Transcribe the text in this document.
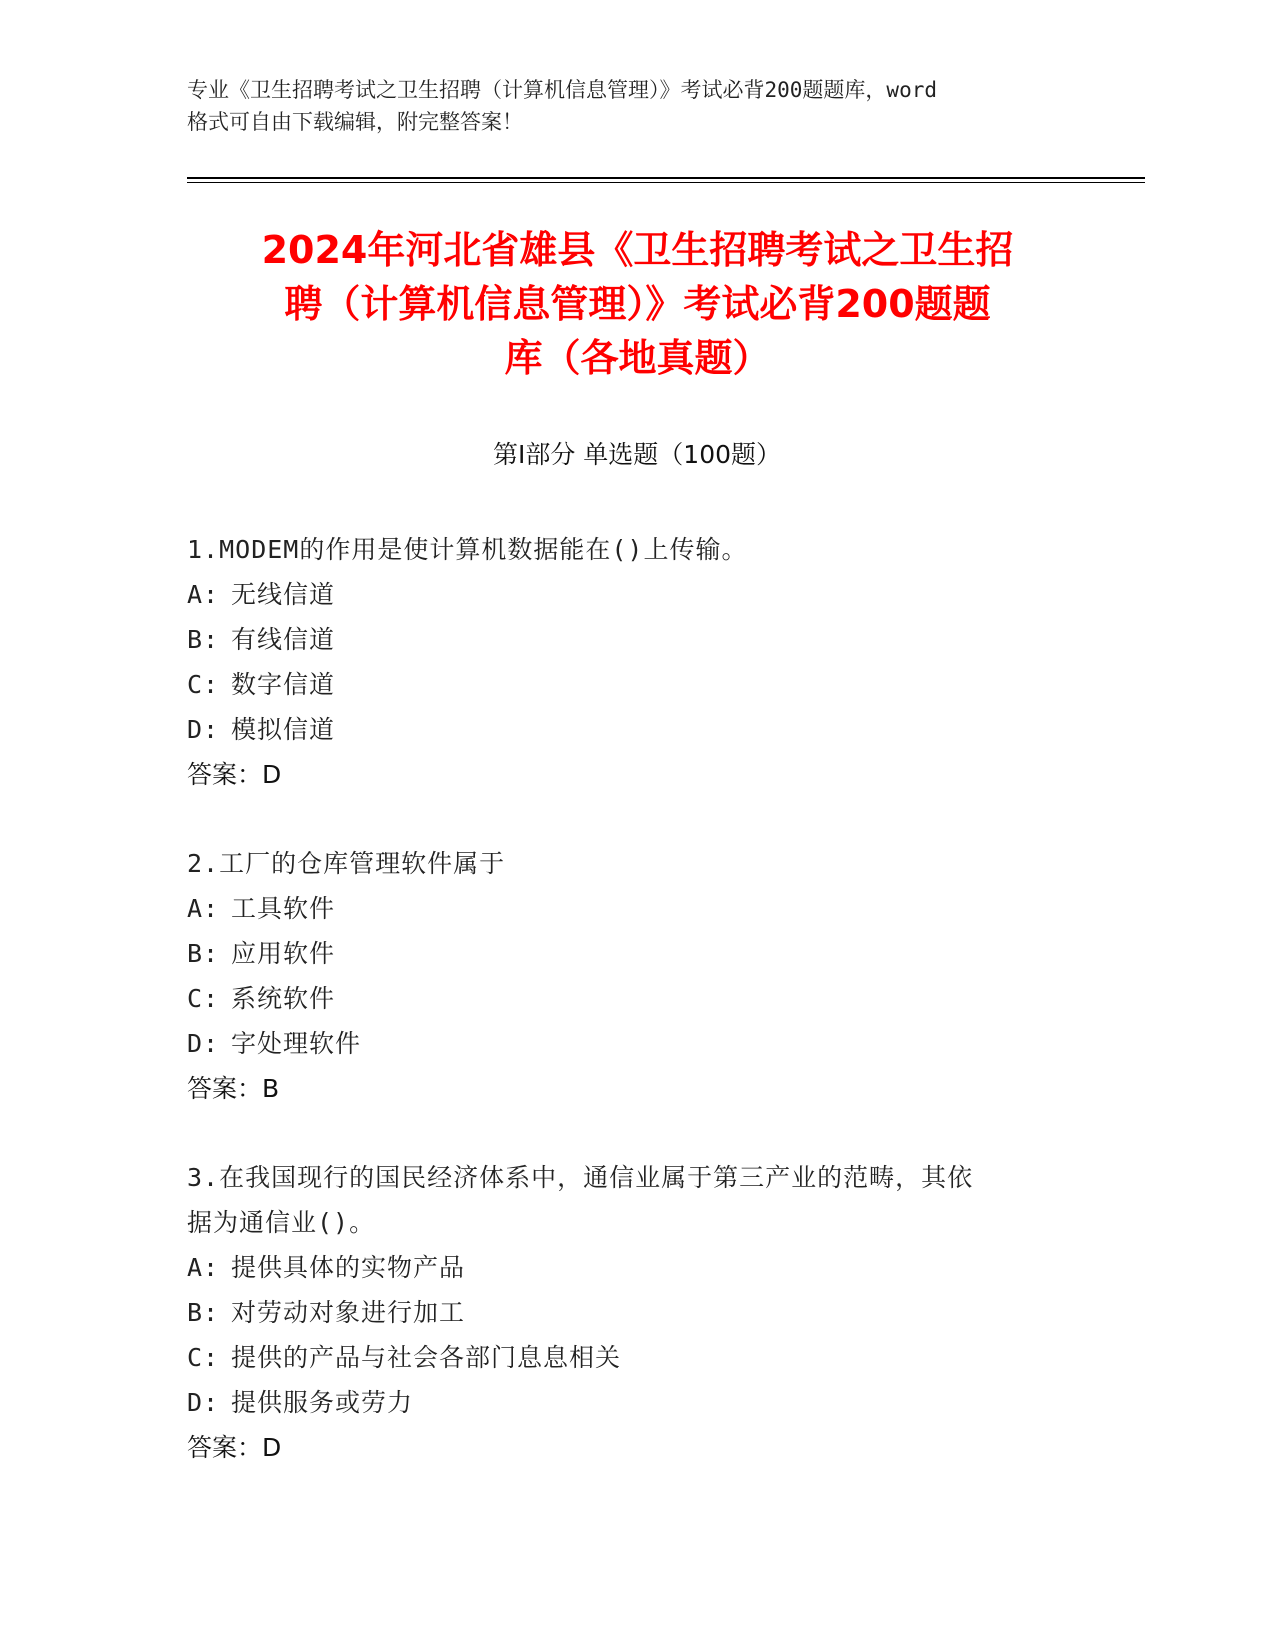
专业《卫生招聘考试之卫生招聘（计算机信息管理）》考试必背200题题库，word
格式可自由下载编辑，附完整答案！
2024年河北省雄县《卫生招聘考试之卫生招
聘（计算机信息管理）》考试必背200题题
库（各地真题）
第Ⅰ部分 单选题（100题）
1.MODEM的作用是使计算机数据能在()上传输。
A: 无线信道
B: 有线信道
C: 数字信道
D: 模拟信道
答案：D
2.工厂的仓库管理软件属于
A: 工具软件
B: 应用软件
C: 系统软件
D: 字处理软件
答案：B
3.在我国现行的国民经济体系中，通信业属于第三产业的范畴，其依
据为通信业()。
A: 提供具体的实物产品
B: 对劳动对象进行加工
C: 提供的产品与社会各部门息息相关
D: 提供服务或劳力
答案：D
